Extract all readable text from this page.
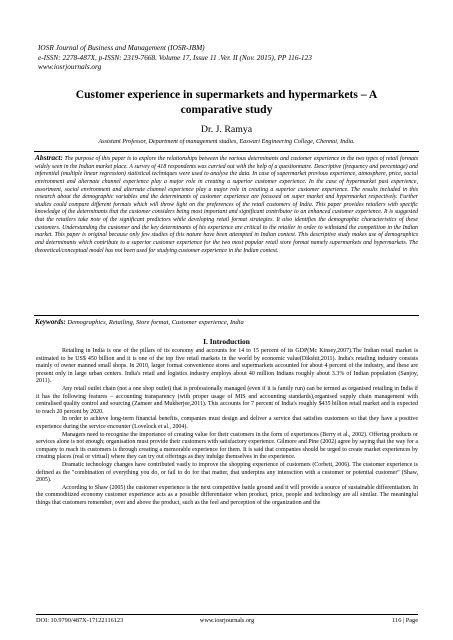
IOSR Journal of Business and Management (IOSR-JBM)
e-ISSN: 2278-487X, p-ISSN: 2319-7668. Volume 17, Issue 11 .Ver. II (Nov. 2015), PP 116-123
www.iosrjournals.org
Customer experience in supermarkets and hypermarkets – A comparative study
Dr. J. Ramya
Assistant Professor, Department of management studies, Easwari Engineering College, Chennai, India.

Abstract: The purpose of this paper is to explore the relationships between the various determinants and customer experience in the two types of retail formats widely seen in the Indian market place. A survey of 418 respondents was carried out with the help of a questionnaire. Descriptive (frequency and percentage) and inferential (multiple linear regression) statistical techniques were used to analyse the data. In case of supermarket previous experience, atmosphere, price, social environment and alternate channel experience play a major role in creating a superior customer experience. In the case of hypermarket past experience, assortment, social environment and alternate channel experience play a major role in creating a superior customer experience. The results included in this research about the demographic variables and the determinants of customer experience are focussed on super market and hypermarket respectively. Further studies could compare different formats which will throw light on the preferences of the retail customers of India. This paper provides retailers with specific knowledge of the determinants that the customer considers being most important and significant contributor to an enhanced customer experience. It is suggested that the retailers take note of the significant predictors while developing retail format strategies. It also identifies the demographic characteristics of these customers. Understanding the customer and the key determinants of his experience are critical to the retailer in order to withstand the competition in the Indian market. This paper is original because only few studies of this nature have been attempted in Indian context. This descriptive study makes use of demographics and determinants which contribute to a superior customer experience for the two most popular retail store format namely supermarkets and hypermarkets. The theoretical/conceptual model has not been used for studying customer experience in the Indian context.

Keywords: Demographics, Retailing, Store format, Customer experience, India
I. Introduction

Retailing in India is one of the pillars of its economy and accounts for 14 to 15 percent of its GDP(Mc Kinsey,2007).The Indian retail market is estimated to be US$ 450 billion and it is one of the top five retail markets in the world by economic value(Dikshit,2011). India's retailing industry consists mainly of owner manned small shops. In 2010, larger format convenience stores and supermarkets accounted for about 4 percent of the industry, and these are present only in large urban centers. India's retail and logistics industry employs about 40 million Indians roughly about 3.3% of Indian population (Sanjoy, 2011).

Any retail outlet chain (not a one shop outlet) that is professionally managed (even if it is family run) can be termed as organised retailing in India if it has the following features – accounting transparency (with proper usage of MIS and accounting standards),organised supply chain management with centralised quality control and sourcing (Zameer and Mukherjee,2011). This accounts for 7 percent of India's roughly $435 billion retail market and is expected to reach 20 percent by 2020.

In order to achieve long-term financial benefits, companies must design and deliver a service that satisfies customers so that they have a positive experience during the service encounter (Lovelock et al., 2004).

Managers need to recognise the importance of creating value for their customers in the form of experiences (Berry et al., 2002). Offering products or services alone is not enough; organisation must provide their customers with satisfactory experience. Gilmore and Pine (2002) agree by saying that the way for a company to reach its customers is through creating a memorable experience for them. It is said that companies should be urged to create market experiences by creating places (real or virtual) where they can try out offerings as they indulge themselves in the experience.

Dramatic technology changes have contributed vastly to improve the shopping experience of customers (Corbett, 2006). The customer experience is defined as the "combination of everything you do, or fail to do for that matter, that underpins any interaction with a customer or potential customer" (Shaw, 2005).

According to Shaw (2005) the customer experience is the next competitive battle ground and it will provide a source of sustainable differentiation. In the commoditized economy customer experience acts as a possible differentiator when product, price, people and technology are all similar. The meaningful things that customers remember, over and above the product, such as the feel and perception of the organization and the

DOI: 10.9790/487X-17122116123	www.iosrjournals.org	116 | Page
